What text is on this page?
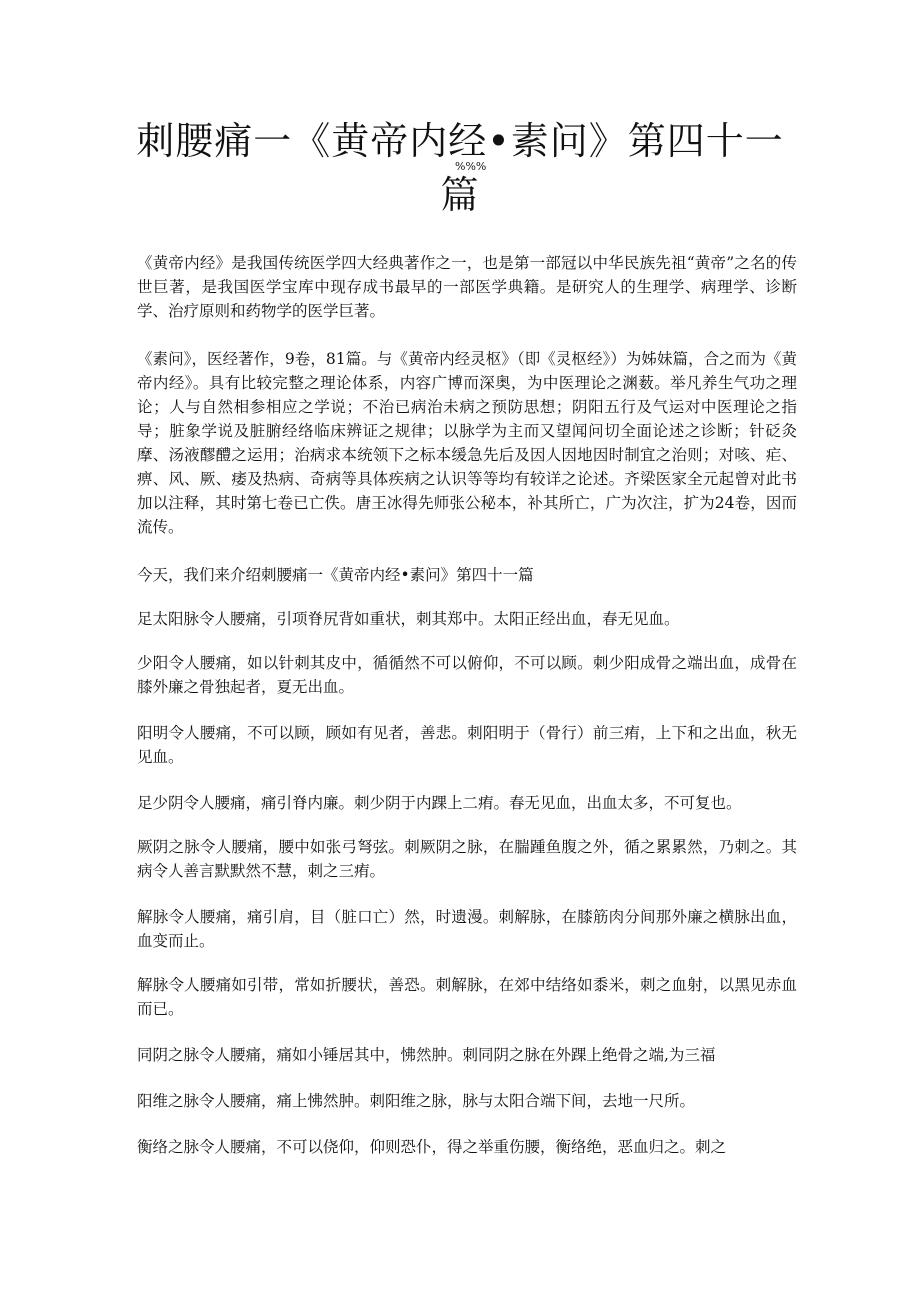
刺腰痛一《黄帝内经•素问》第四十一
篇
%%%

《黄帝内经》是我国传统医学四大经典著作之一，也是第一部冠以中华民族先祖“黄帝”之名的传世巨著，是我国医学宝库中现存成书最早的一部医学典籍。是研究人的生理学、病理学、诊断学、治疗原则和药物学的医学巨著。

《素问》，医经著作，9卷，81篇。与《黄帝内经灵枢》（即《灵枢经》）为姊妹篇，合之而为《黄帝内经》。具有比较完整之理论体系，内容广博而深奥，为中医理论之渊薮。举凡养生气功之理论；人与自然相参相应之学说；不治已病治未病之预防思想；阴阳五行及气运对中医理论之指导；脏象学说及脏腑经络临床辨证之规律；以脉学为主而又望闻问切全面论述之诊断；针砭灸摩、汤液醪醴之运用；治病求本统领下之标本缓急先后及因人因地因时制宜之治则；对咳、疟、痹、风、厥、痿及热病、奇病等具体疾病之认识等等均有较详之论述。齐梁医家全元起曾对此书加以注释，其时第七卷已亡佚。唐王冰得先师张公秘本，补其所亡，广为次注，扩为24卷，因而流传。

今天，我们来介绍刺腰痛一《黄帝内经•素问》第四十一篇

足太阳脉令人腰痛，引项脊尻背如重状，刺其郑中。太阳正经出血，春无见血。

少阳令人腰痛，如以针刺其皮中，循循然不可以俯仰，不可以顾。刺少阳成骨之端出血，成骨在膝外廉之骨独起者，夏无出血。

阳明令人腰痛，不可以顾，顾如有见者，善悲。刺阳明于（骨行）前三痏，上下和之出血，秋无见血。

足少阴令人腰痛，痛引脊内廉。刺少阴于内踝上二痏。春无见血，出血太多，不可复也。

厥阴之脉令人腰痛，腰中如张弓弩弦。刺厥阴之脉，在腨踵鱼腹之外，循之累累然，乃刺之。其病令人善言默默然不慧，刺之三痏。

解脉令人腰痛，痛引肩，目（脏口亡）然，时遗漫。刺解脉，在膝筋肉分间那外廉之横脉出血，血变而止。

解脉令人腰痛如引带，常如折腰状，善恐。刺解脉，在郊中结络如黍米，刺之血射，以黑见赤血而已。

同阴之脉令人腰痛，痛如小锤居其中，怫然肿。刺同阴之脉在外踝上绝骨之端,为三福

阳维之脉令人腰痛，痛上怫然肿。刺阳维之脉，脉与太阳合端下间，去地一尺所。

衡络之脉令人腰痛，不可以侥仰，仰则恐仆，得之举重伤腰，衡络绝，恶血归之。刺之
